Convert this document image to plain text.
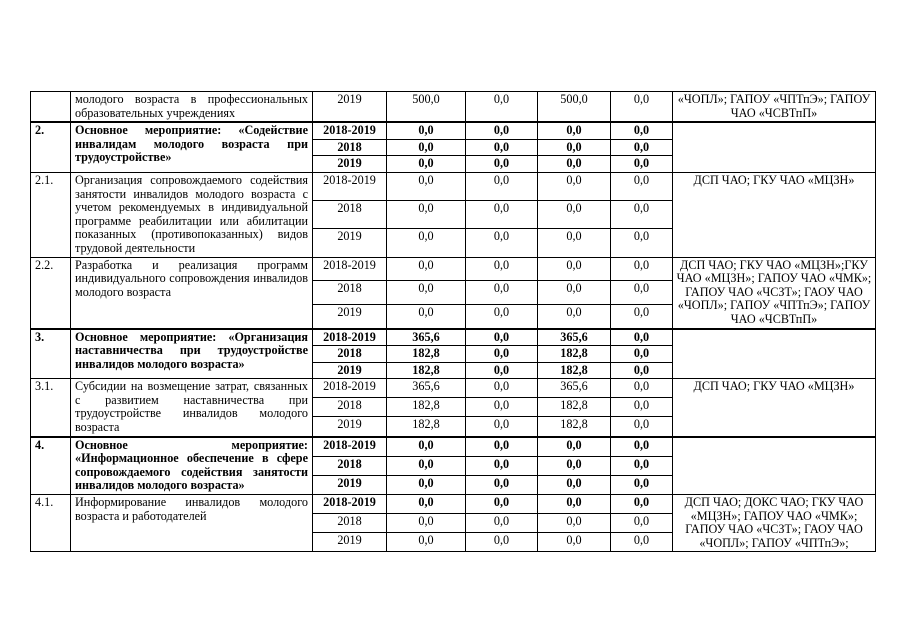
	молодого возраста в профессиональных образовательных учреждениях	2019	500,0	0,0	500,0	0,0	«ЧОПЛ»; ГАПОУ «ЧПТпЭ»; ГАПОУ ЧАО «ЧСВТпП»
2.	Основное мероприятие: «Содействие инвалидам молодого возраста при трудоустройстве»	2018-2019	0,0	0,0	0,0	0,0	
		2018	0,0	0,0	0,0	0,0	
		2019	0,0	0,0	0,0	0,0	
2.1.	Организация сопровождаемого содействия занятости инвалидов молодого возраста с учетом рекомендуемых в индивидуальной программе реабилитации или абилитации показанных (противопоказанных) видов трудовой деятельности	2018-2019	0,0	0,0	0,0	0,0	ДСП ЧАО; ГКУ ЧАО «МЦЗН»
		2018	0,0	0,0	0,0	0,0	
		2019	0,0	0,0	0,0	0,0	
2.2.	Разработка и реализация программ индивидуального сопровождения инвалидов молодого возраста	2018-2019	0,0	0,0	0,0	0,0	ДСП ЧАО; ГКУ ЧАО «МЦЗН»;ГКУ ЧАО «МЦЗН»; ГАПОУ ЧАО «ЧМК»; ГАПОУ ЧАО «ЧСЗТ»; ГАОУ ЧАО «ЧОПЛ»; ГАПОУ «ЧПТпЭ»; ГАПОУ ЧАО «ЧСВТпП»
		2018	0,0	0,0	0,0	0,0	
		2019	0,0	0,0	0,0	0,0	
3.	Основное мероприятие: «Организация наставничества при трудоустройстве инвалидов молодого возраста»	2018-2019	365,6	0,0	365,6	0,0	
		2018	182,8	0,0	182,8	0,0	
		2019	182,8	0,0	182,8	0,0	
3.1.	Субсидии на возмещение затрат, связанных с развитием наставничества при трудоустройстве инвалидов молодого возраста	2018-2019	365,6	0,0	365,6	0,0	ДСП ЧАО; ГКУ ЧАО «МЦЗН»
		2018	182,8	0,0	182,8	0,0	
		2019	182,8	0,0	182,8	0,0	
4.	Основное мероприятие: «Информационное обеспечение в сфере сопровождаемого содействия занятости инвалидов молодого возраста»	2018-2019	0,0	0,0	0,0	0,0	
		2018	0,0	0,0	0,0	0,0	
		2019	0,0	0,0	0,0	0,0	
4.1.	Информирование инвалидов молодого возраста и работодателей	2018-2019	0,0	0,0	0,0	0,0	ДСП ЧАО; ДОКС ЧАО; ГКУ ЧАО «МЦЗН»; ГАПОУ ЧАО «ЧМК»; ГАПОУ ЧАО «ЧСЗТ»; ГАОУ ЧАО «ЧОПЛ»; ГАПОУ «ЧПТпЭ»;
		2018	0,0	0,0	0,0	0,0	
		2019	0,0	0,0	0,0	0,0	
